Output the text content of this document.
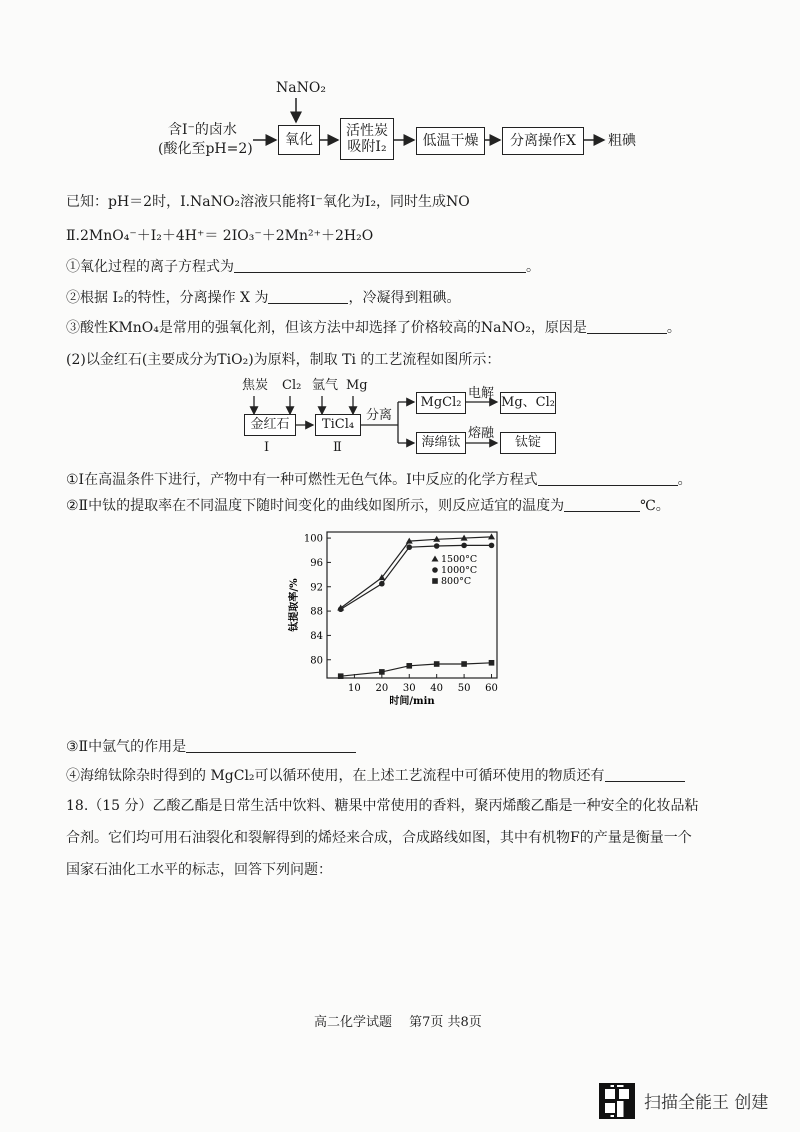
NaNO₂
含I⁻的卤水
(酸化至pH=2)
氧化
活性炭
吸附I₂	低温干燥	分离操作X	粗碘
已知：pH＝2时，Ⅰ.NaNO₂溶液只能将I⁻氧化为I₂，同时生成NO
Ⅱ.2MnO₄⁻＋I₂＋4H⁺＝ 2IO₃⁻＋2Mn²⁺＋2H₂O
①氧化过程的离子方程式为	。
②根据 I₂的特性，分离操作 X 为	，冷凝得到粗碘。
③酸性KMnO₄是常用的强氧化剂，但该方法中却选择了价格较高的NaNO₂，原因是	。
(2)以金红石(主要成分为TiO₂)为原料，制取 Ti 的工艺流程如图所示：
焦炭 Cl₂ 氩气 Mg
金红石	TiCl₄
Ⅰ	Ⅱ
分离
MgCl₂
电解
Mg、Cl₂
海绵钛
熔融
钛锭
①Ⅰ在高温条件下进行，产物中有一种可燃性无色气体。Ⅰ中反应的化学方程式	。
②Ⅱ中钛的提取率在不同温度下随时间变化的曲线如图所示，则反应适宜的温度为	℃。
10 20 30 40 50 60
80
84
88
92
96
100
时间/min
钛提取率/%
1500°C
1000°C
800°C
③Ⅱ中氩气的作用是
④海绵钛除杂时得到的 MgCl₂可以循环使用，在上述工艺流程中可循环使用的物质还有
18.（15 分）乙酸乙酯是日常生活中饮料、糖果中常使用的香料，聚丙烯酸乙酯是一种安全的化妆品粘
合剂。它们均可用石油裂化和裂解得到的烯烃来合成，合成路线如图，其中有机物F的产量是衡量一个
国家石油化工水平的标志，回答下列问题：
高二化学试题　 第7页 共8页
扫描全能王 创建
